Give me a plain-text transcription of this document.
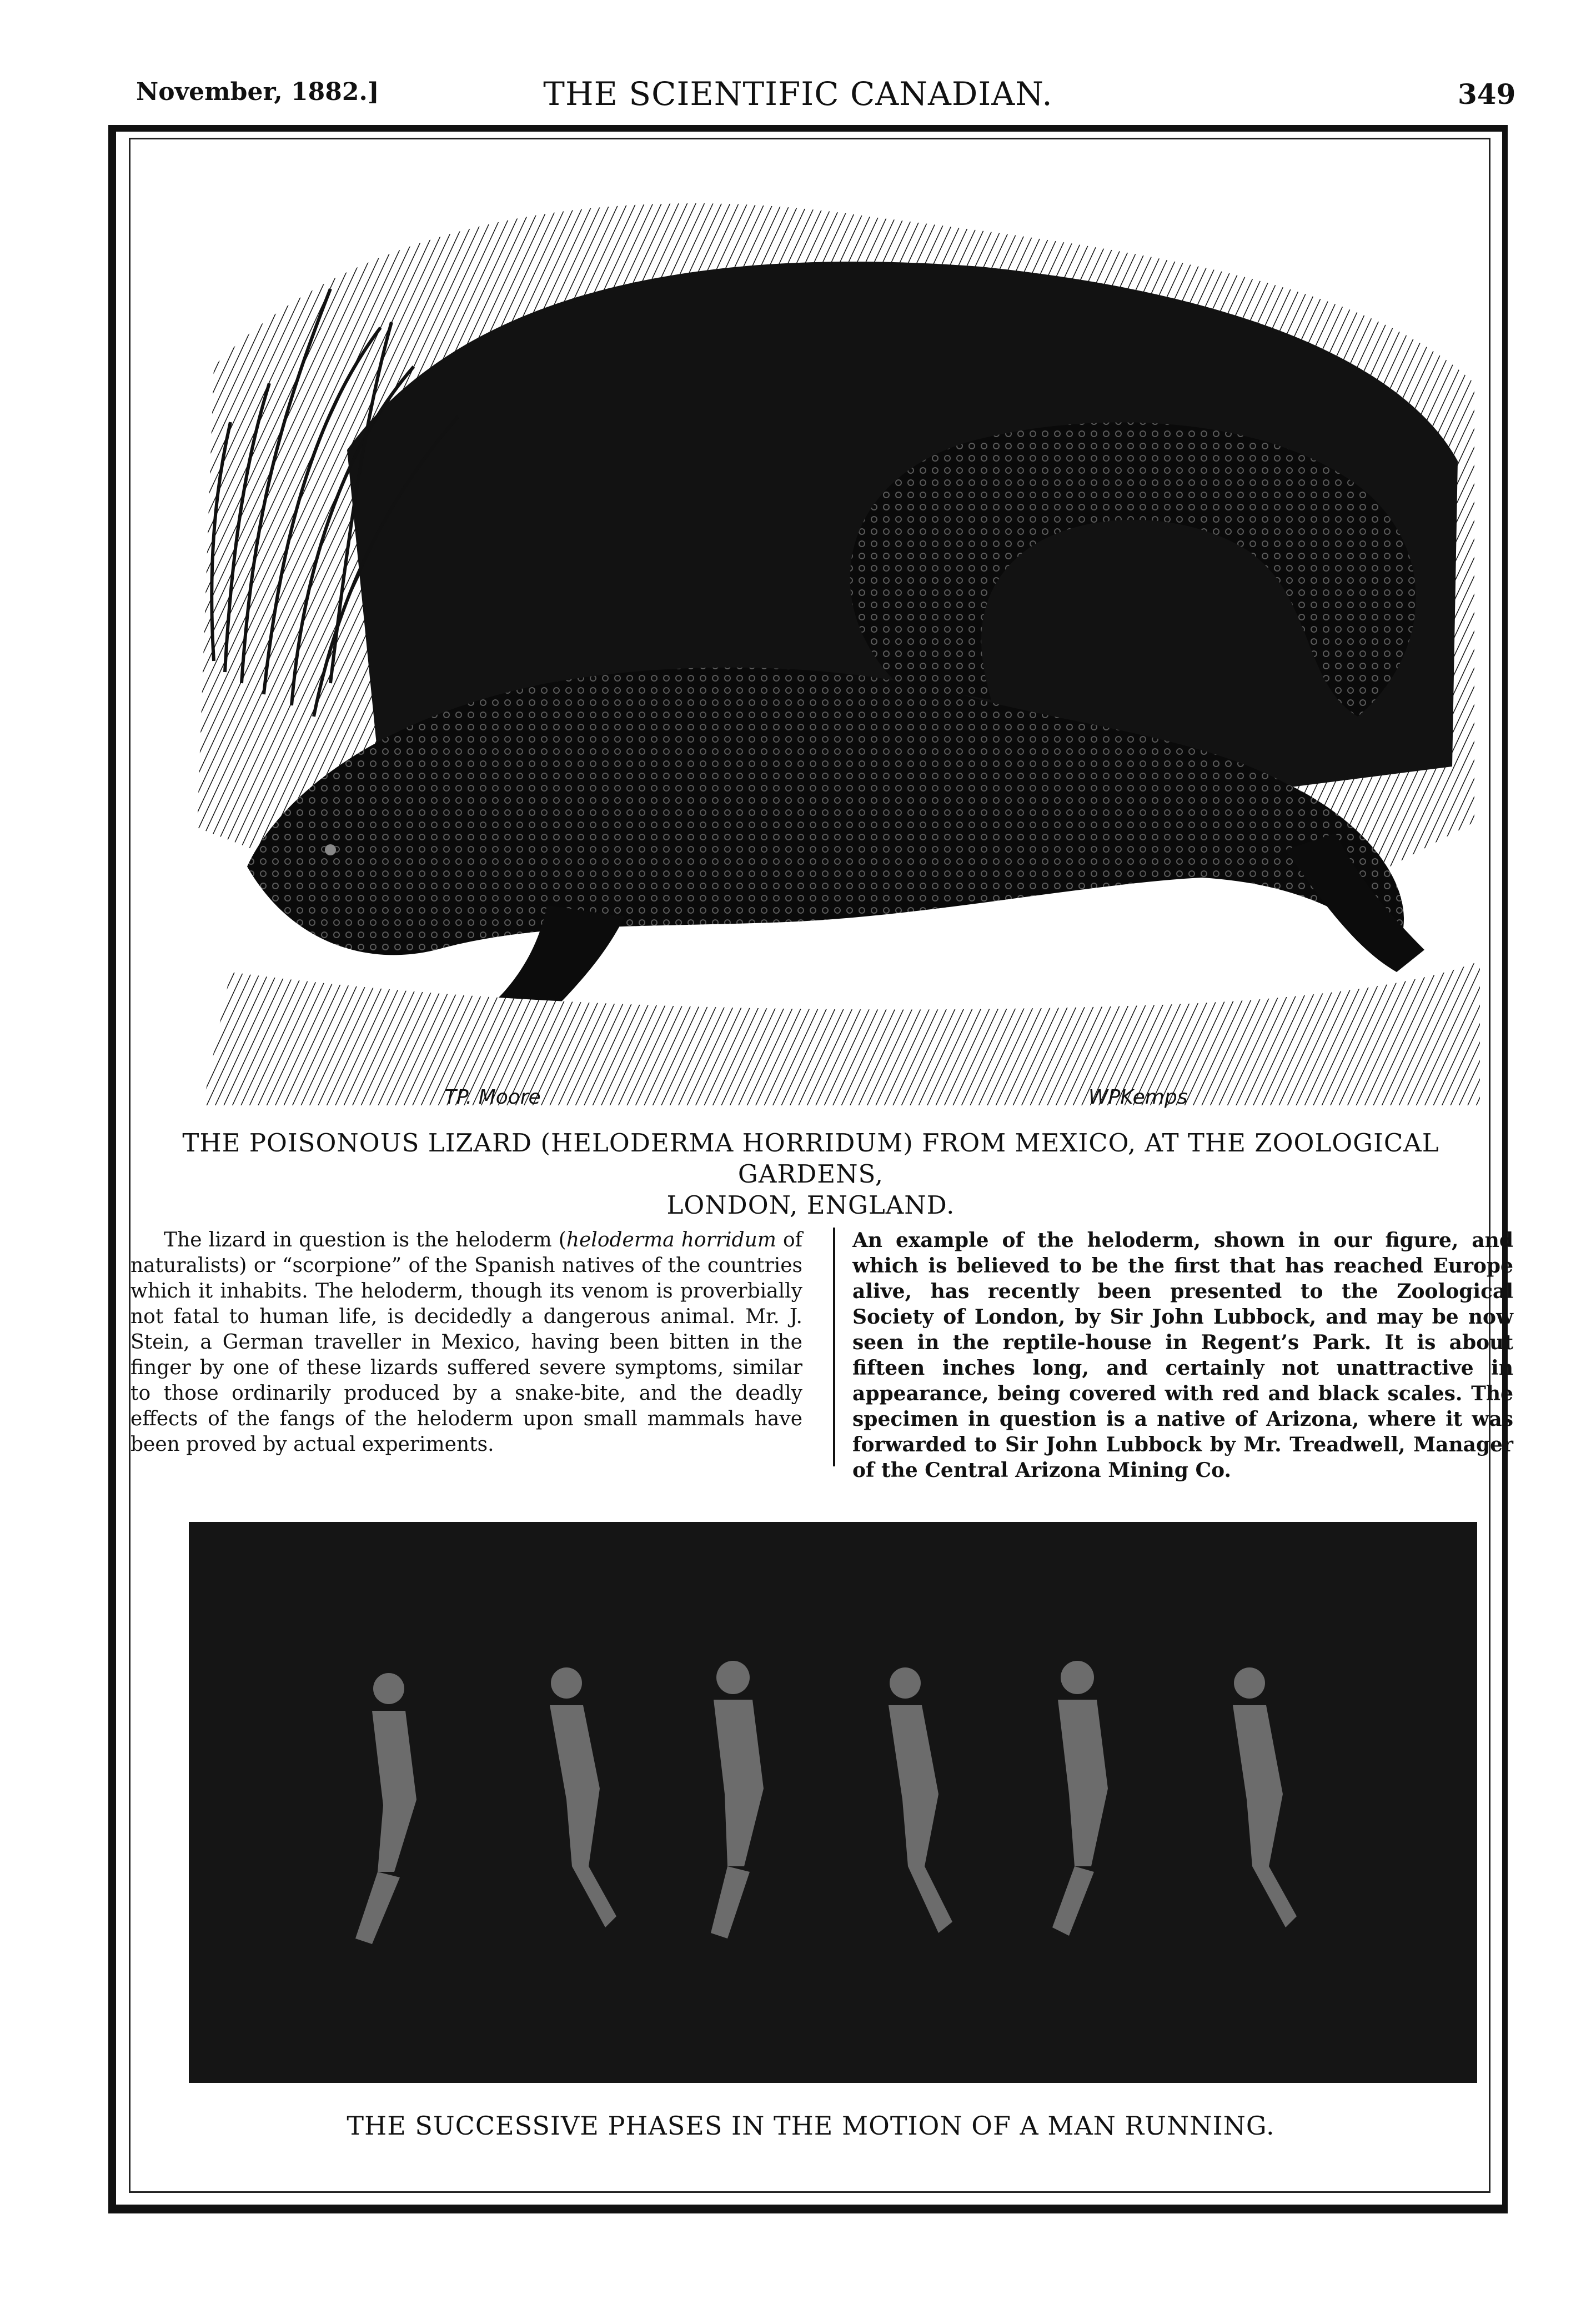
November, 1882.]	THE SCIENTIFIC CANADIAN.	349
TP. Moore	WPKemps
THE POISONOUS LIZARD (HELODERMA HORRIDUM) FROM MEXICO, AT THE ZOOLOGICAL GARDENS,
LONDON, ENGLAND.
The lizard in question is the heloderm (heloderma horridum of naturalists) or “scorpione” of the Spanish natives of the countries which it inhabits. The heloderm, though its venom is proverbially not fatal to human life, is decidedly a dangerous animal. Mr. J. Stein, a German traveller in Mexico, having been bitten in the finger by one of these lizards suffered severe symptoms, similar to those ordinarily produced by a snake-bite, and the deadly effects of the fangs of the heloderm upon small mammals have been proved by actual experiments.
An example of the heloderm, shown in our figure, and which is believed to be the first that has reached Europe alive, has recently been presented to the Zoological Society of London, by Sir John Lubbock, and may be now seen in the reptile-house in Regent’s Park. It is about fifteen inches long, and certainly not unattractive in appearance, being covered with red and black scales. The specimen in question is a native of Arizona, where it was forwarded to Sir John Lubbock by Mr. Treadwell, Manager of the Central Arizona Mining Co.
THE SUCCESSIVE PHASES IN THE MOTION OF A MAN RUNNING.
